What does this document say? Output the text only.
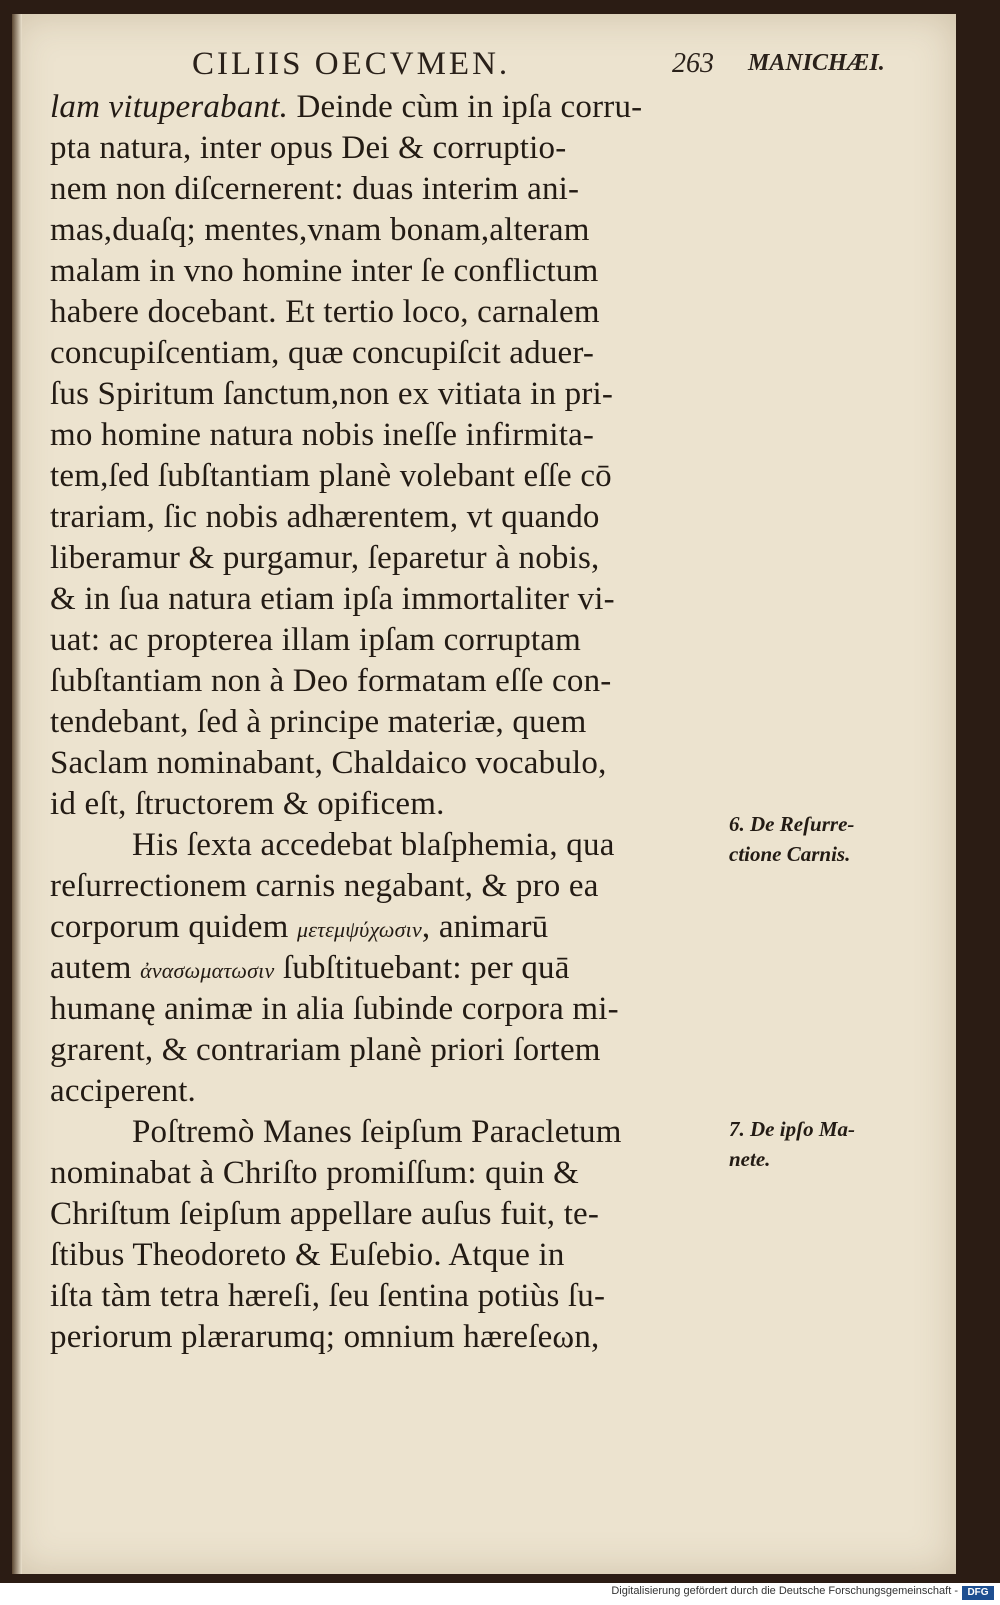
CILIIS OECVMEN.	263 MANICHÆI.
lam vituperabant. Deinde cùm in ipſa corru-
pta natura, inter opus Dei & corruptio-
nem non diſcernerent: duas interim ani-
mas,duaſq; mentes,vnam bonam,alteram
malam in vno homine inter ſe conflictum
habere docebant. Et tertio loco, carnalem
concupiſcentiam, quæ concupiſcit aduer-
ſus Spiritum ſanctum,non ex vitiata in pri-
mo homine natura nobis ineſſe infirmita-
tem,ſed ſubſtantiam planè volebant eſſe cō
trariam, ſic nobis adhærentem, vt quando
liberamur & purgamur, ſeparetur à nobis,
& in ſua natura etiam ipſa immortaliter vi-
uat: ac propterea illam ipſam corruptam
ſubſtantiam non à Deo formatam eſſe con-
tendebant, ſed à principe materiæ, quem
Saclam nominabant, Chaldaico vocabulo,
id eſt, ſtructorem & opificem.
His ſexta accedebat blaſphemia, qua
reſurrectionem carnis negabant, & pro ea
corporum quidem μετεμψύχωσιν, animarū
autem ἀνασωματωσιν ſubſtituebant: per quā
humanę animæ in alia ſubinde corpora mi-
grarent, & contrariam planè priori ſortem
acciperent.
Poſtremò Manes ſeipſum Paracletum
nominabat à Chriſto promiſſum: quin &
Chriſtum ſeipſum appellare auſus fuit, te-
ſtibus Theodoreto & Euſebio. Atque in
iſta tàm tetra hæreſi, ſeu ſentina potiùs ſu-
periorum plærarumq; omnium hæreſeωn,
6. De Reſurre-
ctione Carnis.
7. De ipſo Ma-
nete.
Digitalisierung gefördert durch die Deutsche Forschungsgemeinschaft - DFG
